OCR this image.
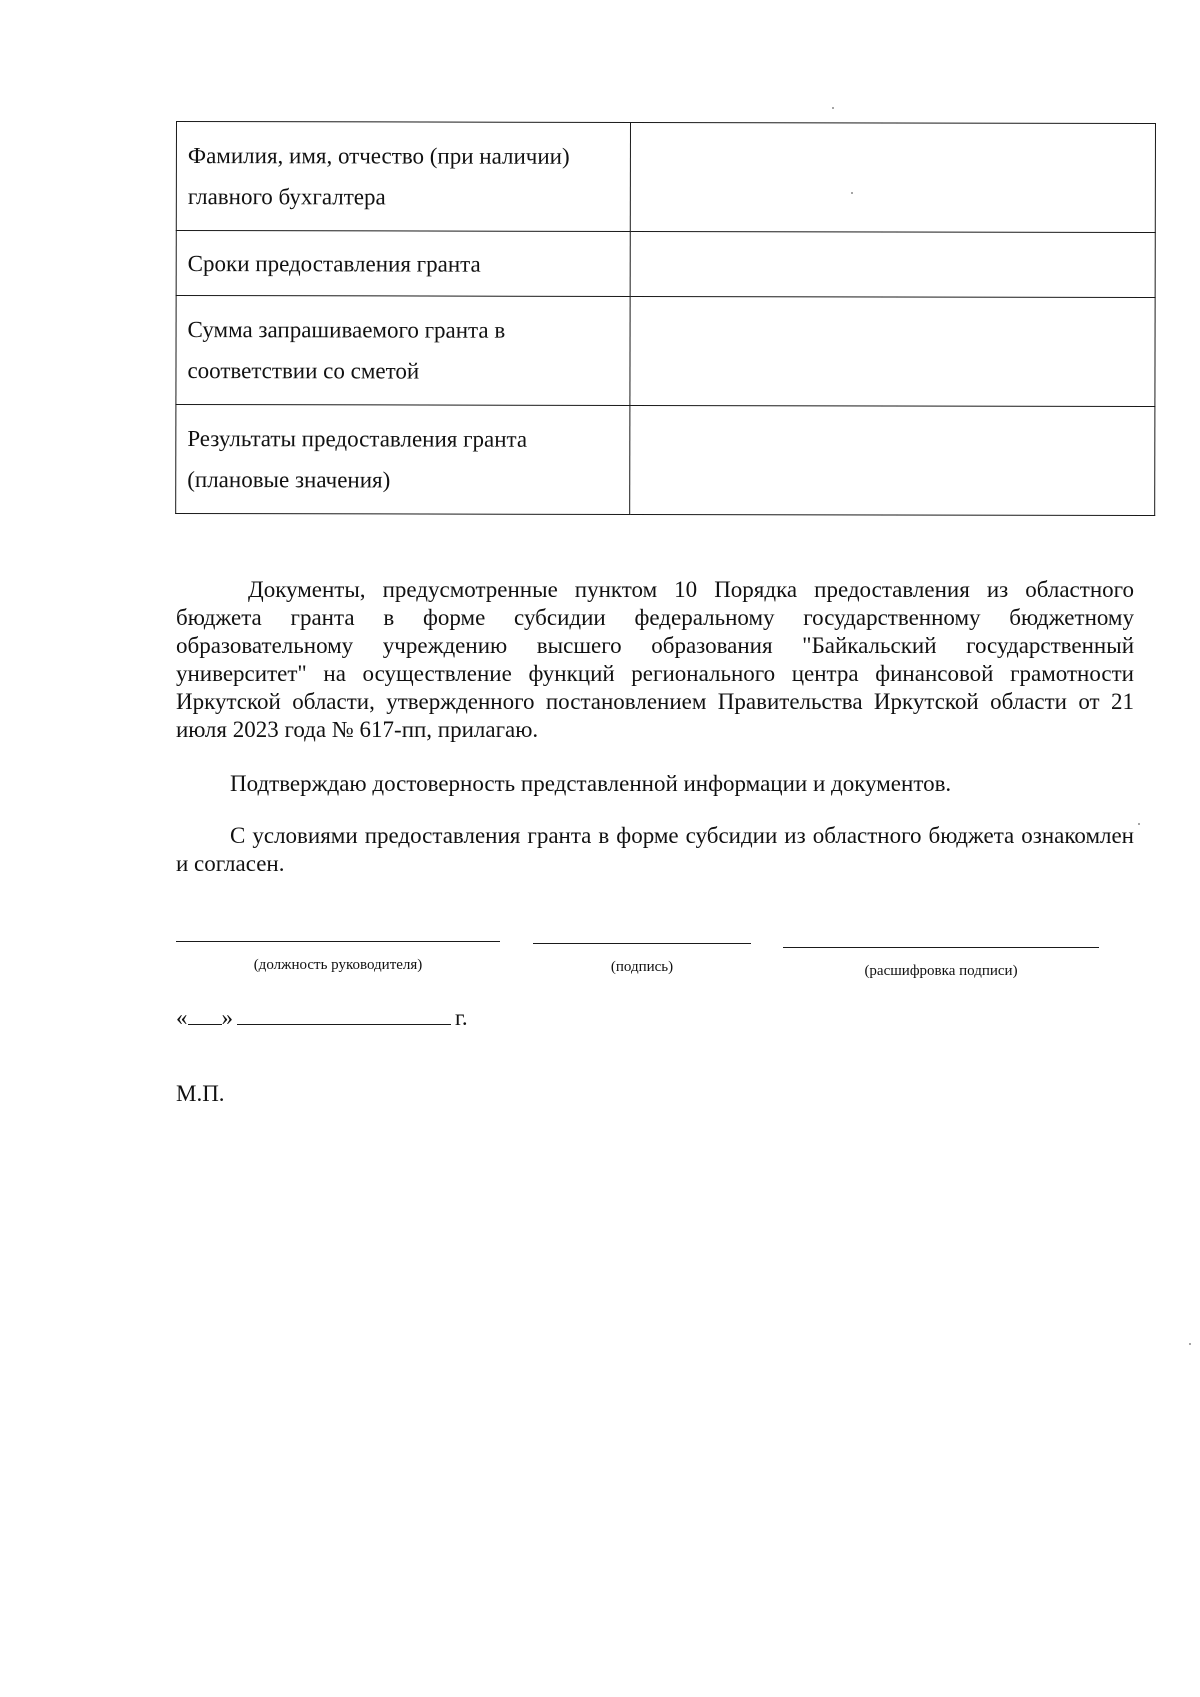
Фамилия, имя, отчество (при наличии) главного бухгалтера	
Сроки предоставления гранта	
Сумма запрашиваемого гранта в соответствии со сметой	
Результаты предоставления гранта (плановые значения)	

Документы, предусмотренные пунктом 10 Порядка предоставления из областного бюджета гранта в форме субсидии федеральному государственному бюджетному образовательному учреждению высшего образования "Байкальский государственный университет" на осуществление функций регионального центра финансовой грамотности Иркутской области, утвержденного постановлением Правительства Иркутской области от 21 июля 2023 года № 617-пп, прилагаю.

Подтверждаю достоверность представленной информации и документов.

С условиями предоставления гранта в форме субсидии из областного бюджета ознакомлен и согласен.

(должность руководителя)	(подпись)	(расшифровка подписи)
« »	г.
М.П.
